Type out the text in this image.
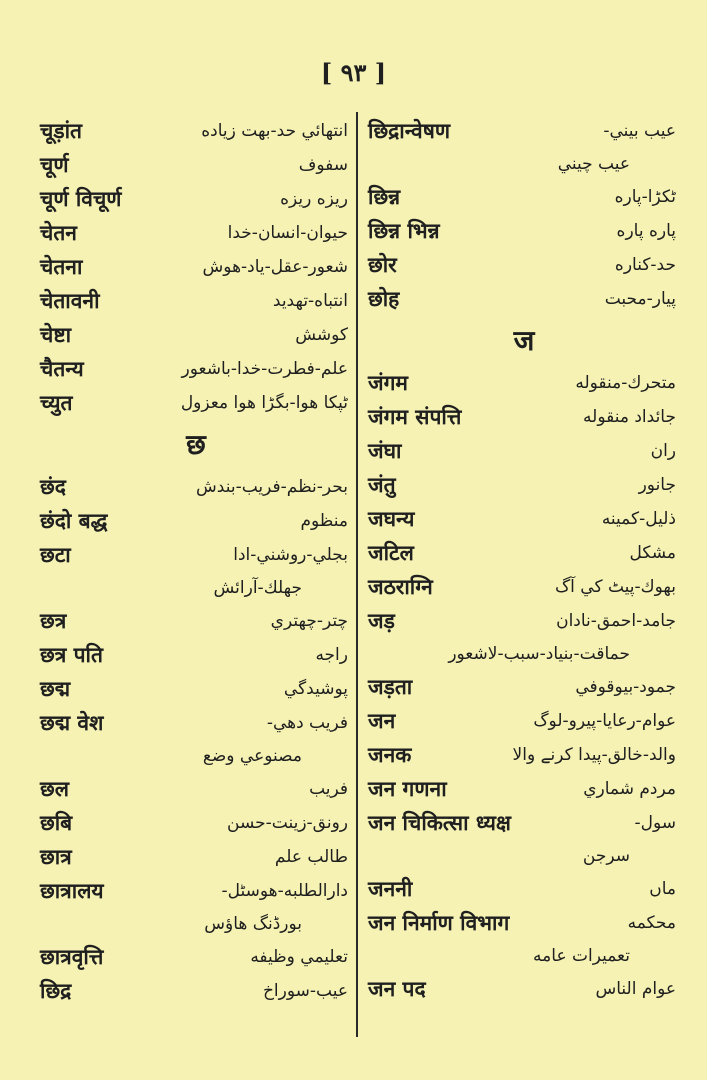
[ ۹۳ ]
चूड़ांत	انتهائي حد-بهت زياده
चूर्ण	سفوف
चूर्ण विचूर्ण	ريزه ريزه
चेतन	حيوان-انسان-خدا
चेतना	شعور-عقل-ياد-هوش
चेतावनी	انتباه-تهديد
चेष्टा	كوشش
चैतन्य	علم-فطرت-خدا-باشعور
च्युत	ٹپكا هوا-بگڑا هوا معزول
छ
छंद	بحر-نظم-فريب-بندش
छंदो बद्ध	منظوم
छटा	بجلي-روشني-ادا
جهلك-آرائش
छत्र	چتر-چهتري
छत्र पति	راجه
छद्म	پوشيدگي
छद्म वेश	فريب دهي-
مصنوعي وضع
छल	فريب
छबि	رونق-زينت-حسن
छात्र	طالب علم
छात्रालय	دارالطلبه-هوسٹل-
بورڈنگ هاؤس
छात्रवृत्ति	تعليمي وظيفه
छिद्र	عيب-سوراخ
छिद्रान्वेषण	عيب بيني-
عيب چيني
छिन्न	ٹكڑا-پاره
छिन्न भिन्न	پاره پاره
छोर	حد-كناره
छोह	پيار-محبت
ज
जंगम	متحرك-منقوله
जंगम संपत्ति	جائداد منقوله
जंघा	ران
जंतु	جانور
जघन्य	ذليل-كمينه
जटिल	مشكل
जठराग्नि	بهوك-پيٹ كي آگ
जड़	جامد-احمق-نادان
حماقت-بنياد-سبب-لاشعور
जड़ता	جمود-بيوقوفي
जन	عوام-رعايا-پيرو-لوگ
जनक	والد-خالق-پيدا كرنے والا
जन गणना	مردم شماري
जन चिकित्सा ध्यक्ष	سول-
سرجن
जननी	ماں
जन निर्माण विभाग	محكمه
تعميرات عامه
जन पद	عوام الناس
